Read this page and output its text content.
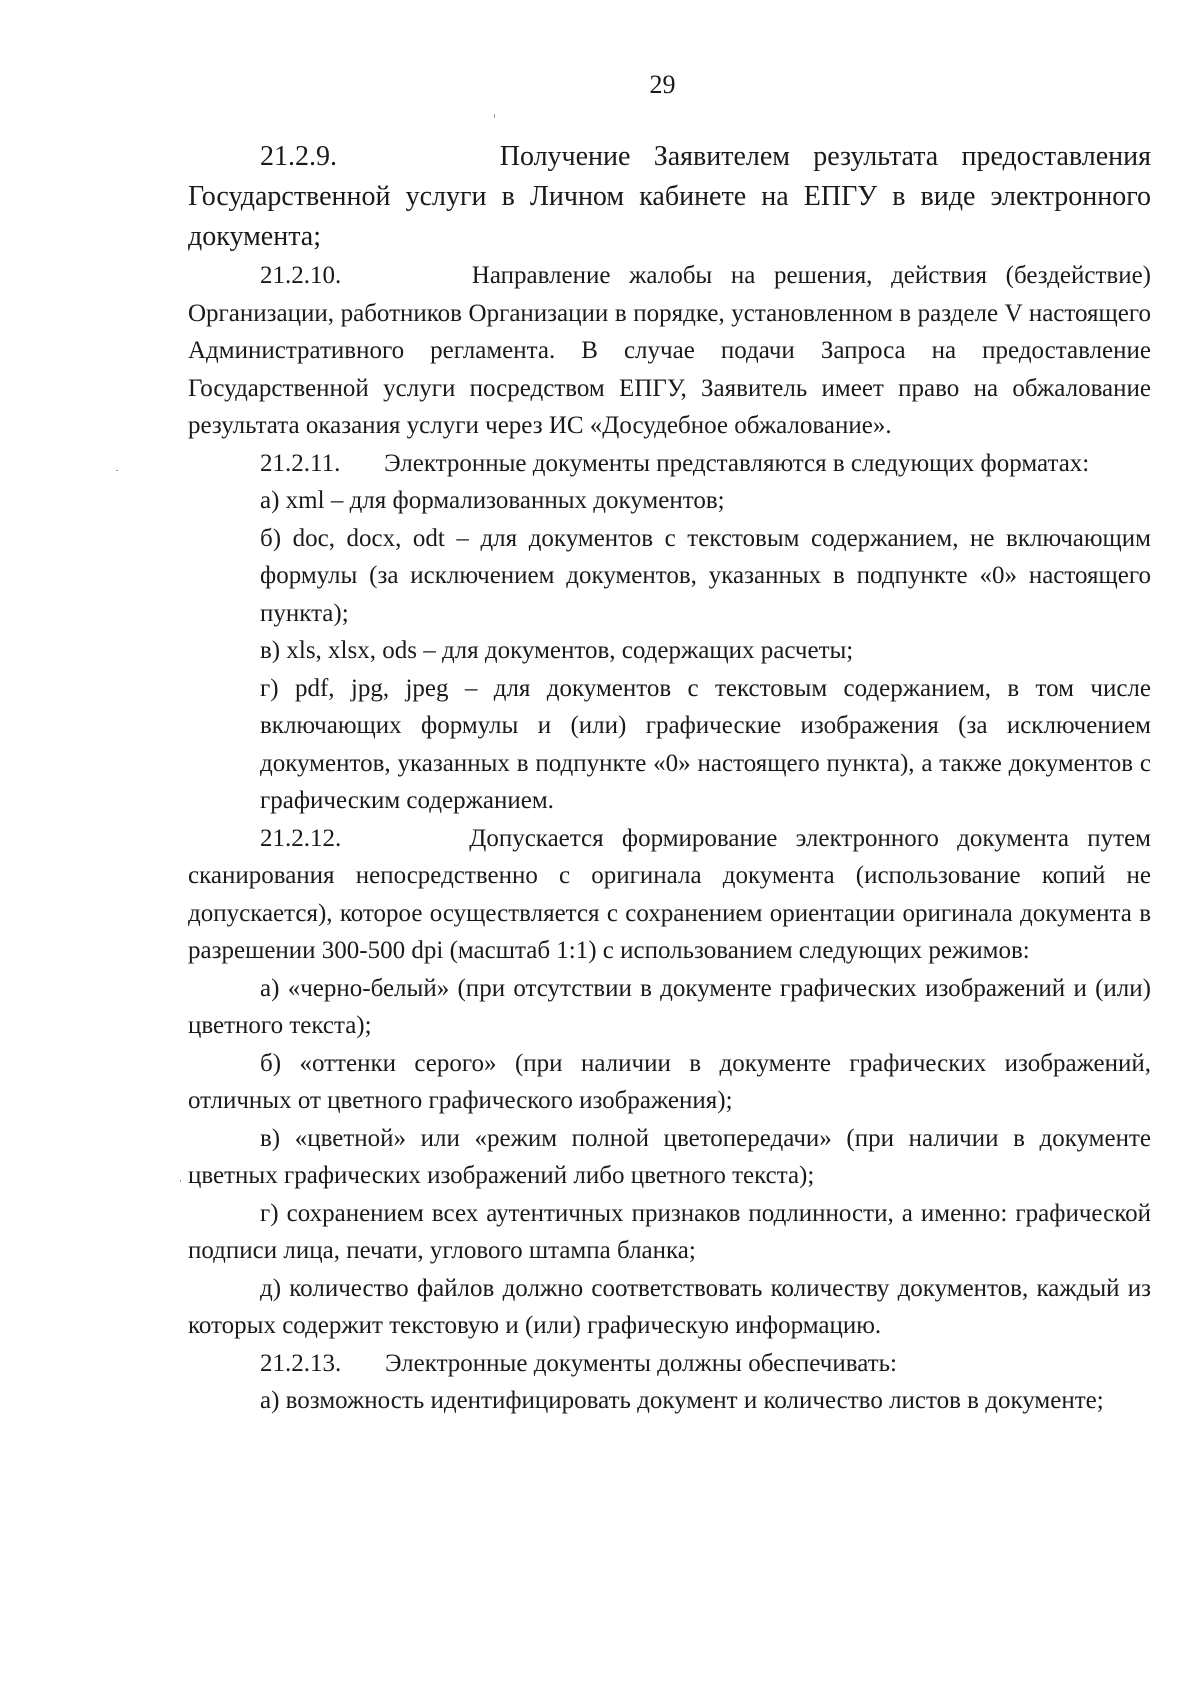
29

21.2.9.       Получение Заявителем результата предоставления Государственной услуги в Личном кабинете на ЕПГУ в виде электронного документа;

21.2.10.       Направление жалобы на решения, действия (бездействие) Организации, работников Организации в порядке, установленном в разделе V настоящего Административного регламента. В случае подачи Запроса на предоставление Государственной услуги посредством ЕПГУ, Заявитель имеет право на обжалование результата оказания услуги через ИС «Досудебное обжалование».

21.2.11.       Электронные документы представляются в следующих форматах:

а) xml – для формализованных документов;

б) doc, docx, odt – для документов с текстовым содержанием, не включающим формулы (за исключением документов, указанных в подпункте «0» настоящего пункта);

в) xls, xlsx, ods – для документов, содержащих расчеты;

г) pdf, jpg, jpeg – для документов с текстовым содержанием, в том числе включающих формулы и (или) графические изображения (за исключением документов, указанных в подпункте «0» настоящего пункта), а также документов с графическим содержанием.

21.2.12.       Допускается формирование электронного документа путем сканирования непосредственно с оригинала документа (использование копий не допускается), которое осуществляется с сохранением ориентации оригинала документа в разрешении 300-500 dpi (масштаб 1:1) с использованием следующих режимов:

а) «черно-белый» (при отсутствии в документе графических изображений и (или) цветного текста);

б) «оттенки серого» (при наличии в документе графических изображений, отличных от цветного графического изображения);

в) «цветной» или «режим полной цветопередачи» (при наличии в документе цветных графических изображений либо цветного текста);

г) сохранением всех аутентичных признаков подлинности, а именно: графической подписи лица, печати, углового штампа бланка;

д) количество файлов должно соответствовать количеству документов, каждый из которых содержит текстовую и (или) графическую информацию.

21.2.13.       Электронные документы должны обеспечивать:

а) возможность идентифицировать документ и количество листов в документе;
